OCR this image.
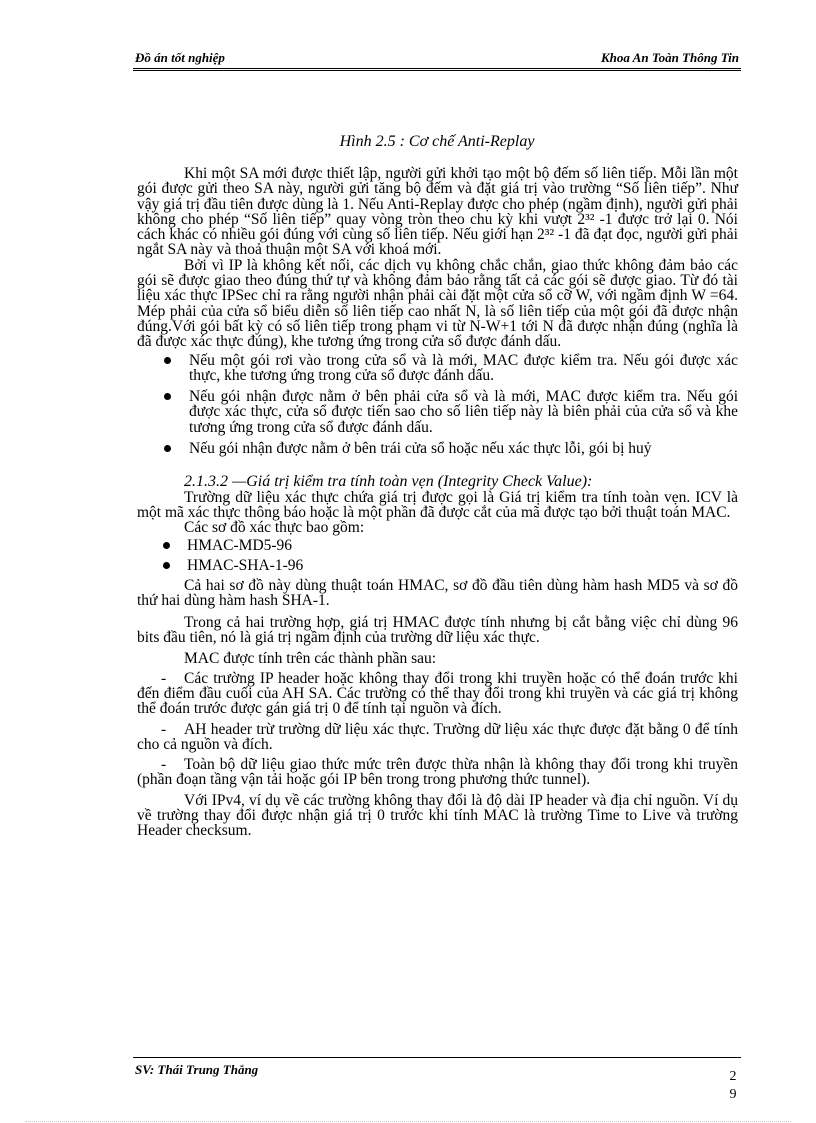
Đồ án tốt nghiệp	Khoa An Toàn Thông Tin
Hình 2.5 : Cơ chế Anti-Replay

Khi một SA mới được thiết lập, người gửi khởi tạo một bộ đếm số liên tiếp. Mỗi lần một gói được gửi theo SA này, người gửi tăng bộ đếm và đặt giá trị vào trường “Số liên tiếp”. Như vậy giá trị đầu tiên được dùng là 1. Nếu Anti-Replay được cho phép (ngầm định), người gửi phải không cho phép “Số liên tiếp” quay vòng tròn theo chu kỳ khi vượt 2³² -1 được trở lại 0. Nói cách khác có nhiều gói đúng với cùng số liên tiếp. Nếu giới hạn 2³² -1 đã đạt đọc, người gửi phải ngắt SA này và thoả thuận một SA với khoá mới.

Bởi vì IP là không kết nối, các dịch vụ không chắc chắn, giao thức không đảm bảo các gói sẽ được giao theo đúng thứ tự và không đảm bảo rằng tất cả các gói sẽ được giao. Từ đó tài liệu xác thực IPSec chỉ ra rằng người nhận phải cài đặt một cửa sổ cỡ W, với ngầm định W =64. Mép phải của cửa sổ biểu diễn số liên tiếp cao nhất N, là số liên tiếp của một gói đã được nhận đúng.Với gói bất kỳ có số liên tiếp trong phạm vi từ N-W+1 tới N đã được nhận đúng (nghĩa là đã được xác thực đúng), khe tương ứng trong cửa sổ được đánh dấu.

Nếu một gói rơi vào trong cửa sổ và là mới, MAC được kiểm tra. Nếu gói được xác thực, khe tương ứng trong cửa sổ được đánh dấu.
Nếu gói nhận được nằm ở bên phải cửa sổ và là mới, MAC được kiểm tra. Nếu gói được xác thực, cửa sổ được tiến sao cho số liên tiếp này là biên phải của cửa sổ và khe tương ứng trong cửa sổ được đánh dấu.
Nếu gói nhận được nằm ở bên trái cửa sổ hoặc nếu xác thực lỗi, gói bị huỷ
2.1.3.2 —Giá trị kiểm tra tính toàn vẹn (Integrity Check Value):

Trường dữ liệu xác thực chứa giá trị được gọi là Giá trị kiểm tra tính toàn vẹn. ICV là một mã xác thực thông báo hoặc là một phần đã được cắt của mã được tạo bởi thuật toán MAC.

Các sơ đồ xác thực bao gồm:

HMAC-MD5-96
HMAC-SHA-1-96

Cả hai sơ đồ này dùng thuật toán HMAC, sơ đồ đầu tiên dùng hàm hash MD5 và sơ đồ thứ hai dùng hàm hash SHA-1.

Trong cả hai trường hợp, giá trị HMAC được tính nhưng bị cắt bằng việc chỉ dùng 96 bits đầu tiên, nó là giá trị ngầm định của trường dữ liệu xác thực.

MAC được tính trên các thành phần sau:

- Các trường IP header hoặc không thay đổi trong khi truyền hoặc có thể đoán trước khi đến điểm đầu cuối của AH SA. Các trường có thể thay đổi trong khi truyền và các giá trị không thể đoán trước được gán giá trị 0 để tính tại nguồn và đích.
- AH header trừ trường dữ liệu xác thực. Trường dữ liệu xác thực được đặt bằng 0 để tính cho cả nguồn và đích.
- Toàn bộ dữ liệu giao thức mức trên được thừa nhận là không thay đổi trong khi truyền (phần đoạn tầng vận tải hoặc gói IP bên trong trong phương thức tunnel).

Với IPv4, ví dụ về các trường không thay đổi là độ dài IP header và địa chỉ nguồn. Ví dụ về trường thay đổi được nhận giá trị 0 trước khi tính MAC là trường Time to Live và trường Header checksum.

SV: Thái Trung Thắng	2
9
